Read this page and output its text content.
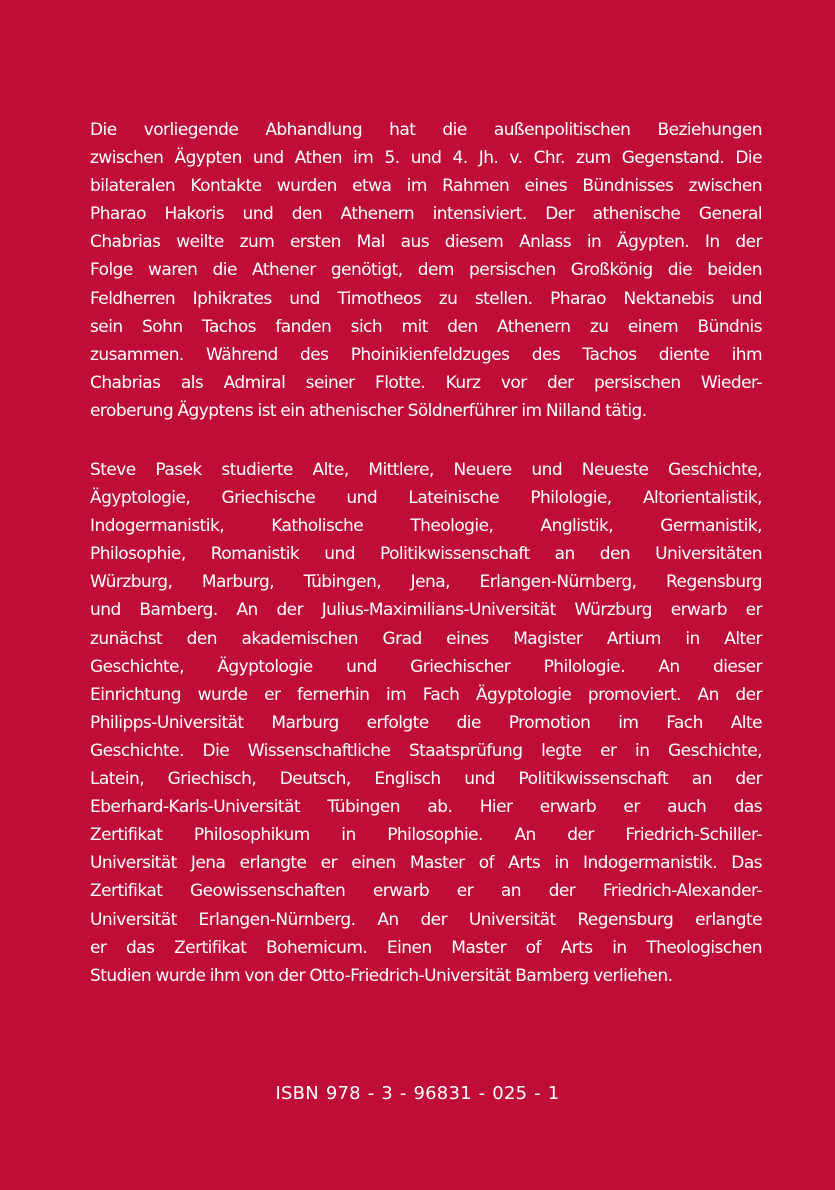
Die vorliegende Abhandlung hat die außenpolitischen Beziehungen
zwischen Ägypten und Athen im 5. und 4. Jh. v. Chr. zum Gegenstand. Die
bilateralen Kontakte wurden etwa im Rahmen eines Bündnisses zwischen
Pharao Hakoris und den Athenern intensiviert. Der athenische General
Chabrias weilte zum ersten Mal aus diesem Anlass in Ägypten. In der
Folge waren die Athener genötigt, dem persischen Großkönig die beiden
Feldherren Iphikrates und Timotheos zu stellen. Pharao Nektanebis und
sein Sohn Tachos fanden sich mit den Athenern zu einem Bündnis
zusammen. Während des Phoinikienfeldzuges des Tachos diente ihm
Chabrias als Admiral seiner Flotte. Kurz vor der persischen Wieder-
eroberung Ägyptens ist ein athenischer Söldnerführer im Nilland tätig.
Steve Pasek studierte Alte, Mittlere, Neuere und Neueste Geschichte,
Ägyptologie, Griechische und Lateinische Philologie, Altorientalistik,
Indogermanistik, Katholische Theologie, Anglistik, Germanistik,
Philosophie, Romanistik und Politikwissenschaft an den Universitäten
Würzburg, Marburg, Tübingen, Jena, Erlangen-Nürnberg, Regensburg
und Bamberg. An der Julius-Maximilians-Universität Würzburg erwarb er
zunächst den akademischen Grad eines Magister Artium in Alter
Geschichte, Ägyptologie und Griechischer Philologie. An dieser
Einrichtung wurde er fernerhin im Fach Ägyptologie promoviert. An der
Philipps-Universität Marburg erfolgte die Promotion im Fach Alte
Geschichte. Die Wissenschaftliche Staatsprüfung legte er in Geschichte,
Latein, Griechisch, Deutsch, Englisch und Politikwissenschaft an der
Eberhard-Karls-Universität Tübingen ab. Hier erwarb er auch das
Zertifikat Philosophikum in Philosophie. An der Friedrich-Schiller-
Universität Jena erlangte er einen Master of Arts in Indogermanistik. Das
Zertifikat Geowissenschaften erwarb er an der Friedrich-Alexander-
Universität Erlangen-Nürnberg. An der Universität Regensburg erlangte
er das Zertifikat Bohemicum. Einen Master of Arts in Theologischen
Studien wurde ihm von der Otto-Friedrich-Universität Bamberg verliehen.
ISBN 978 - 3 - 96831 - 025 - 1
